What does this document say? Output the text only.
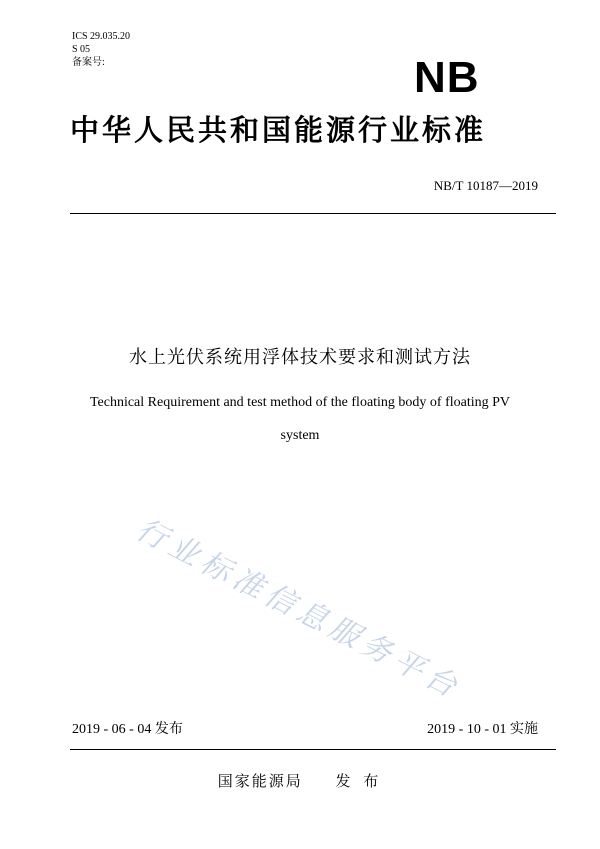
ICS 29.035.20
S 05
备案号:	NB
中华人民共和国能源行业标准
NB/T 10187—2019
水上光伏系统用浮体技术要求和测试方法
Technical Requirement and test method of the floating body of floating PV
system
行业标准信息服务平台
2019 - 06 - 04 发布	2019 - 10 - 01 实施
国家能源局 发 布
